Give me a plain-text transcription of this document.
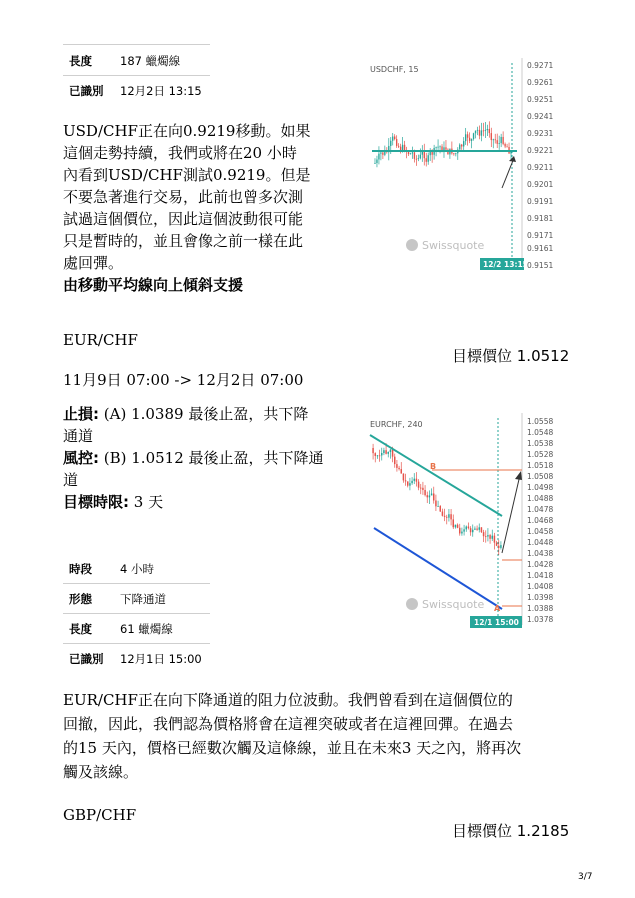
長度 187 蠟燭線
已識別 12月2日 13:15
USD/CHF正在向0.9219移動。如果
這個走勢持續，我們或將在20 小時
內看到USD/CHF測試0.9219。但是
不要急著進行交易，此前也曾多次測
試過這個價位，因此這個波動很可能
只是暫時的，並且會像之前一樣在此
處回彈。
由移動平均線向上傾斜支援
0.9271
0.9261
0.9251
0.9241
0.9231
0.9221
0.9211
0.9201
0.9191
0.9181
0.9171
0.9161
0.9151
USDCHF, 15
Swissquote
12/2 13:15
EUR/CHF
目標價位 1.0512
11月9日 07:00 -> 12月2日 07:00
止損: (A) 1.0389 最後止盈，共下降
通道
風控: (B) 1.0512 最後止盈，共下降通
道
目標時限: 3 天
時段 4 小時
形態 下降通道
長度 61 蠟燭線
已識別 12月1日 15:00
1.0558
1.0548
1.0538
1.0528
1.0518
1.0508
1.0498
1.0488
1.0478
1.0468
1.0458
1.0448
1.0438
1.0428
1.0418
1.0408
1.0398
1.0388
1.0378
EURCHF, 240
B
A
Swissquote
12/1 15:00
EUR/CHF正在向下降通道的阻力位波動。我們曾看到在這個價位的
回撤，因此，我們認為價格將會在這裡突破或者在這裡回彈。在過去
的15 天內，價格已經數次觸及這條線，並且在未來3 天之內，將再次
觸及該線。
GBP/CHF
目標價位 1.2185
3/7
